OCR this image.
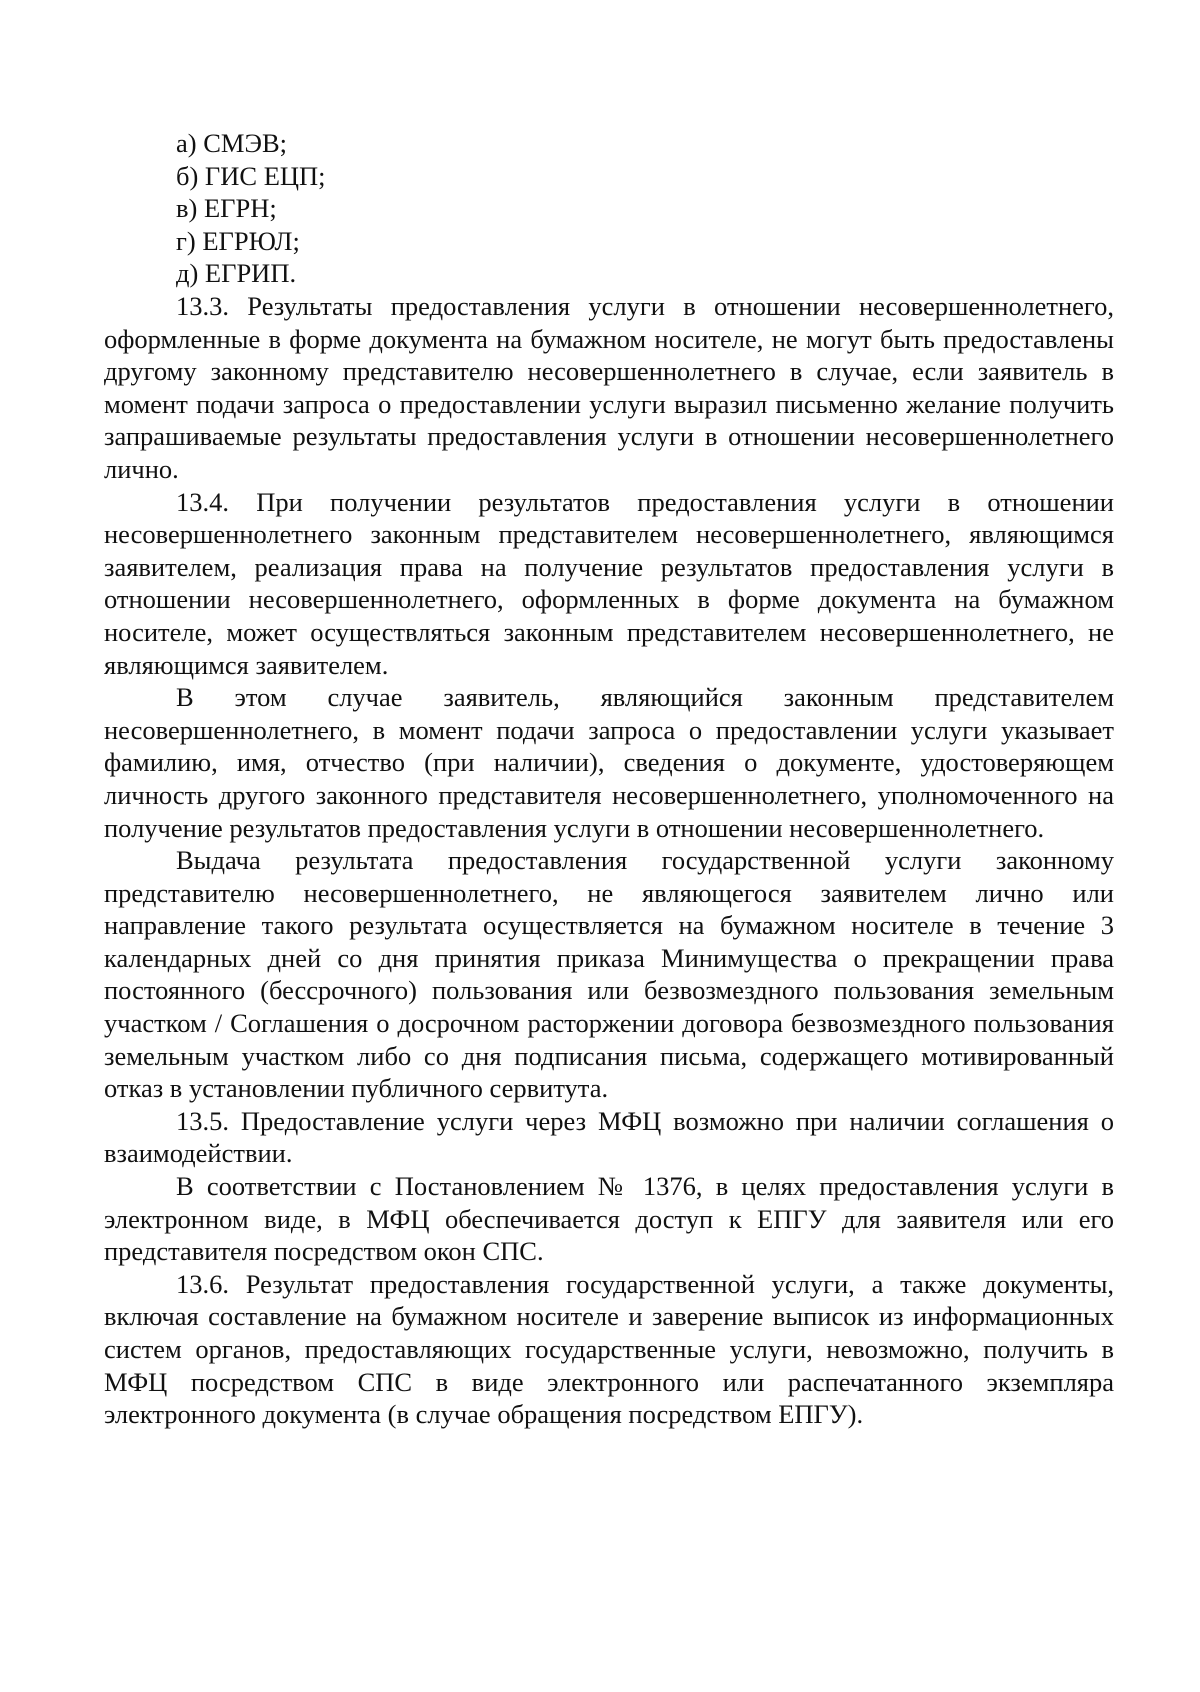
а) СМЭВ;
б) ГИС ЕЦП;
в) ЕГРН;
г) ЕГРЮЛ;
д) ЕГРИП.

13.3. Результаты предоставления услуги в отношении несовершеннолетнего, оформленные в форме документа на бумажном носителе, не могут быть предоставлены другому законному представителю несовершеннолетнего в случае, если заявитель в момент подачи запроса о предоставлении услуги выразил письменно желание получить запрашиваемые результаты предоставления услуги в отношении несовершеннолетнего лично.

13.4. При получении результатов предоставления услуги в отношении несовершеннолетнего законным представителем несовершеннолетнего, являющимся заявителем, реализация права на получение результатов предоставления услуги в отношении несовершеннолетнего, оформленных в форме документа на бумажном носителе, может осуществляться законным представителем несовершеннолетнего, не являющимся заявителем.

В этом случае заявитель, являющийся законным представителем несовершеннолетнего, в момент подачи запроса о предоставлении услуги указывает фамилию, имя, отчество (при наличии), сведения о документе, удостоверяющем личность другого законного представителя несовершеннолетнего, уполномоченного на получение результатов предоставления услуги в отношении несовершеннолетнего.

Выдача результата предоставления государственной услуги законному представителю несовершеннолетнего, не являющегося заявителем лично или направление такого результата осуществляется на бумажном носителе в течение 3 календарных дней со дня принятия приказа Минимущества о прекращении права постоянного (бессрочного) пользования или безвозмездного пользования земельным участком / Соглашения о досрочном расторжении договора безвозмездного пользования земельным участком либо со дня подписания письма, содержащего мотивированный отказ в установлении публичного сервитута.

13.5. Предоставление услуги через МФЦ возможно при наличии соглашения о взаимодействии.

В соответствии с Постановлением № 1376, в целях предоставления услуги в электронном виде, в МФЦ обеспечивается доступ к ЕПГУ для заявителя или его представителя посредством окон СПС.

13.6. Результат предоставления государственной услуги, а также документы, включая составление на бумажном носителе и заверение выписок из информационных систем органов, предоставляющих государственные услуги, невозможно, получить в МФЦ посредством СПС в виде электронного или распечатанного экземпляра электронного документа (в случае обращения посредством ЕПГУ).
